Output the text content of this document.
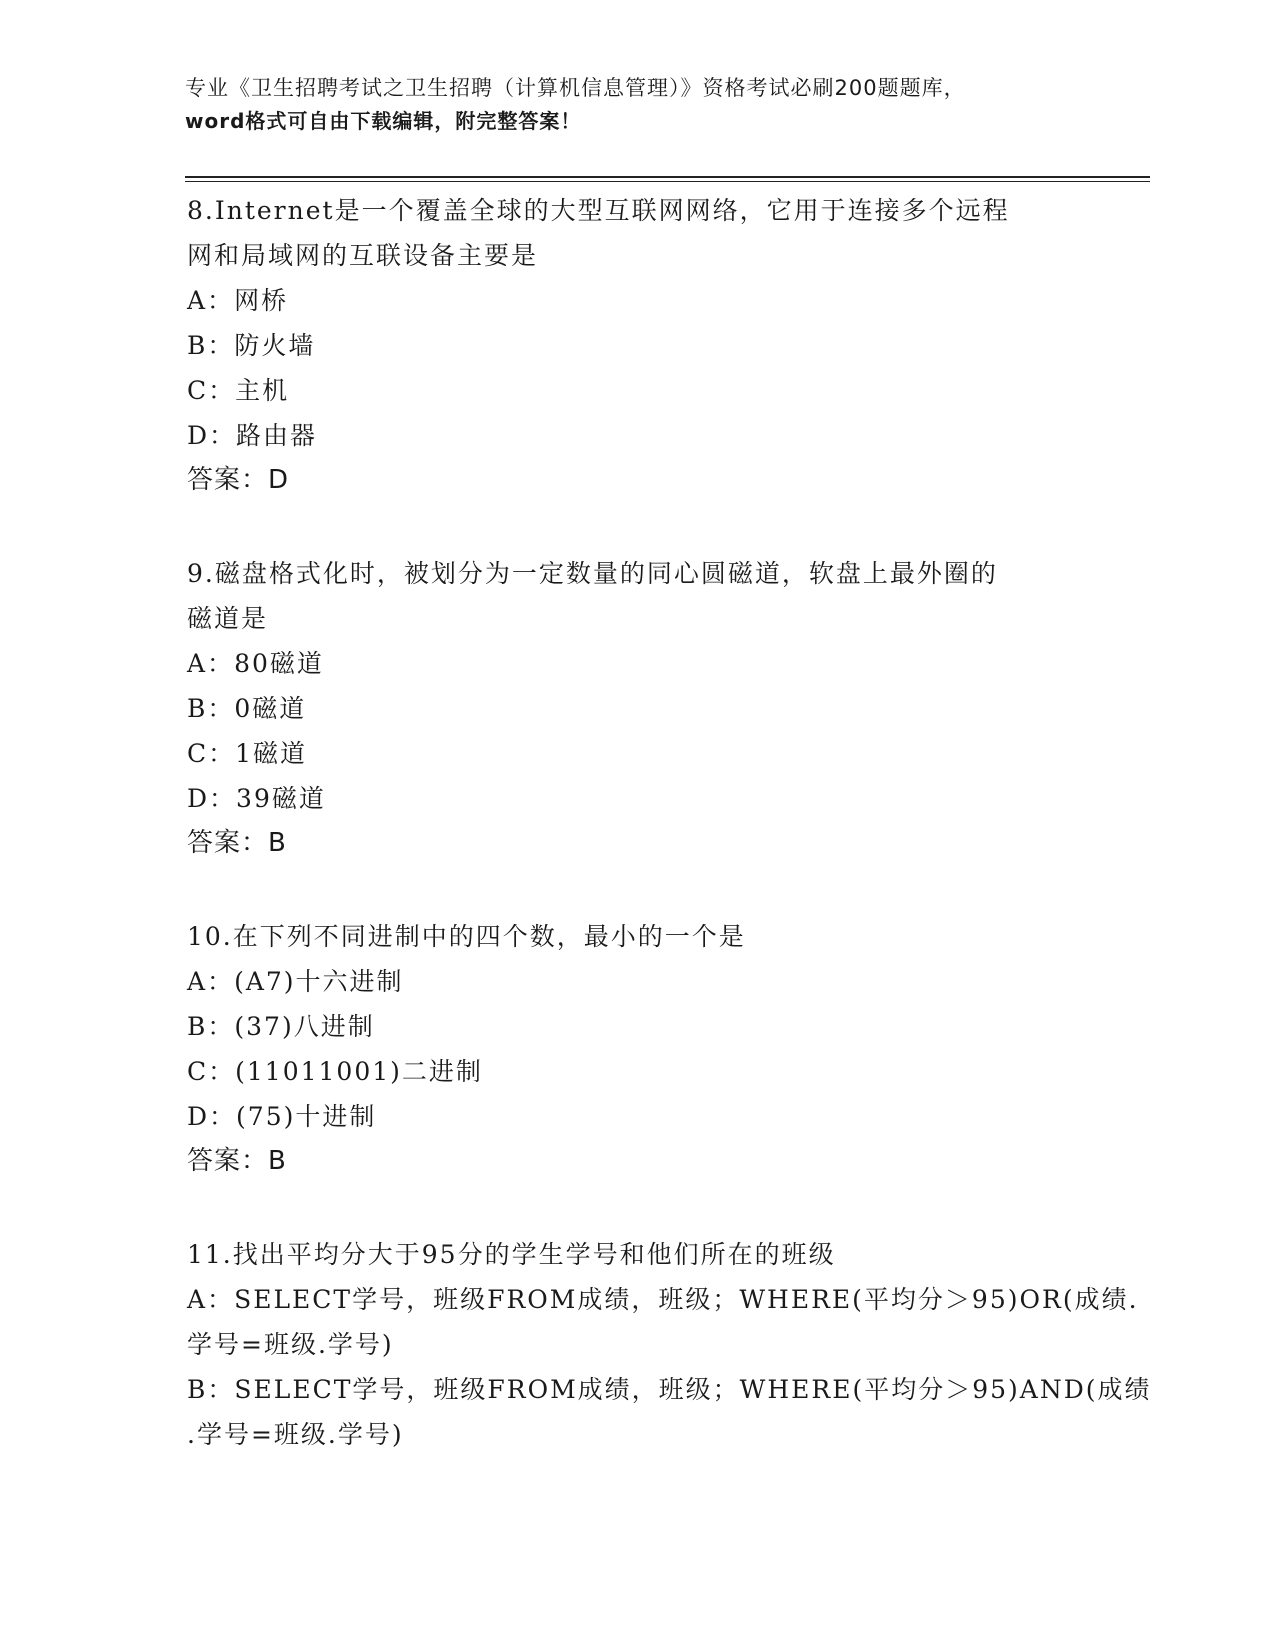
专业《卫生招聘考试之卫生招聘（计算机信息管理）》资格考试必刷200题题库，
word格式可自由下载编辑，附完整答案！
8.Internet是一个覆盖全球的大型互联网网络，它用于连接多个远程
网和局域网的互联设备主要是
A：网桥
B：防火墙
C：主机
D：路由器
答案：D
9.磁盘格式化时，被划分为一定数量的同心圆磁道，软盘上最外圈的
磁道是
A：80磁道
B：0磁道
C：1磁道
D：39磁道
答案：B
10.在下列不同进制中的四个数，最小的一个是
A：(A7)十六进制
B：(37)八进制
C：(11011001)二进制
D：(75)十进制
答案：B
11.找出平均分大于95分的学生学号和他们所在的班级
A：SELECT学号，班级FROM成绩，班级；WHERE(平均分＞95)OR(成绩.
学号=班级.学号)
B：SELECT学号，班级FROM成绩，班级；WHERE(平均分＞95)AND(成绩
.学号=班级.学号)
